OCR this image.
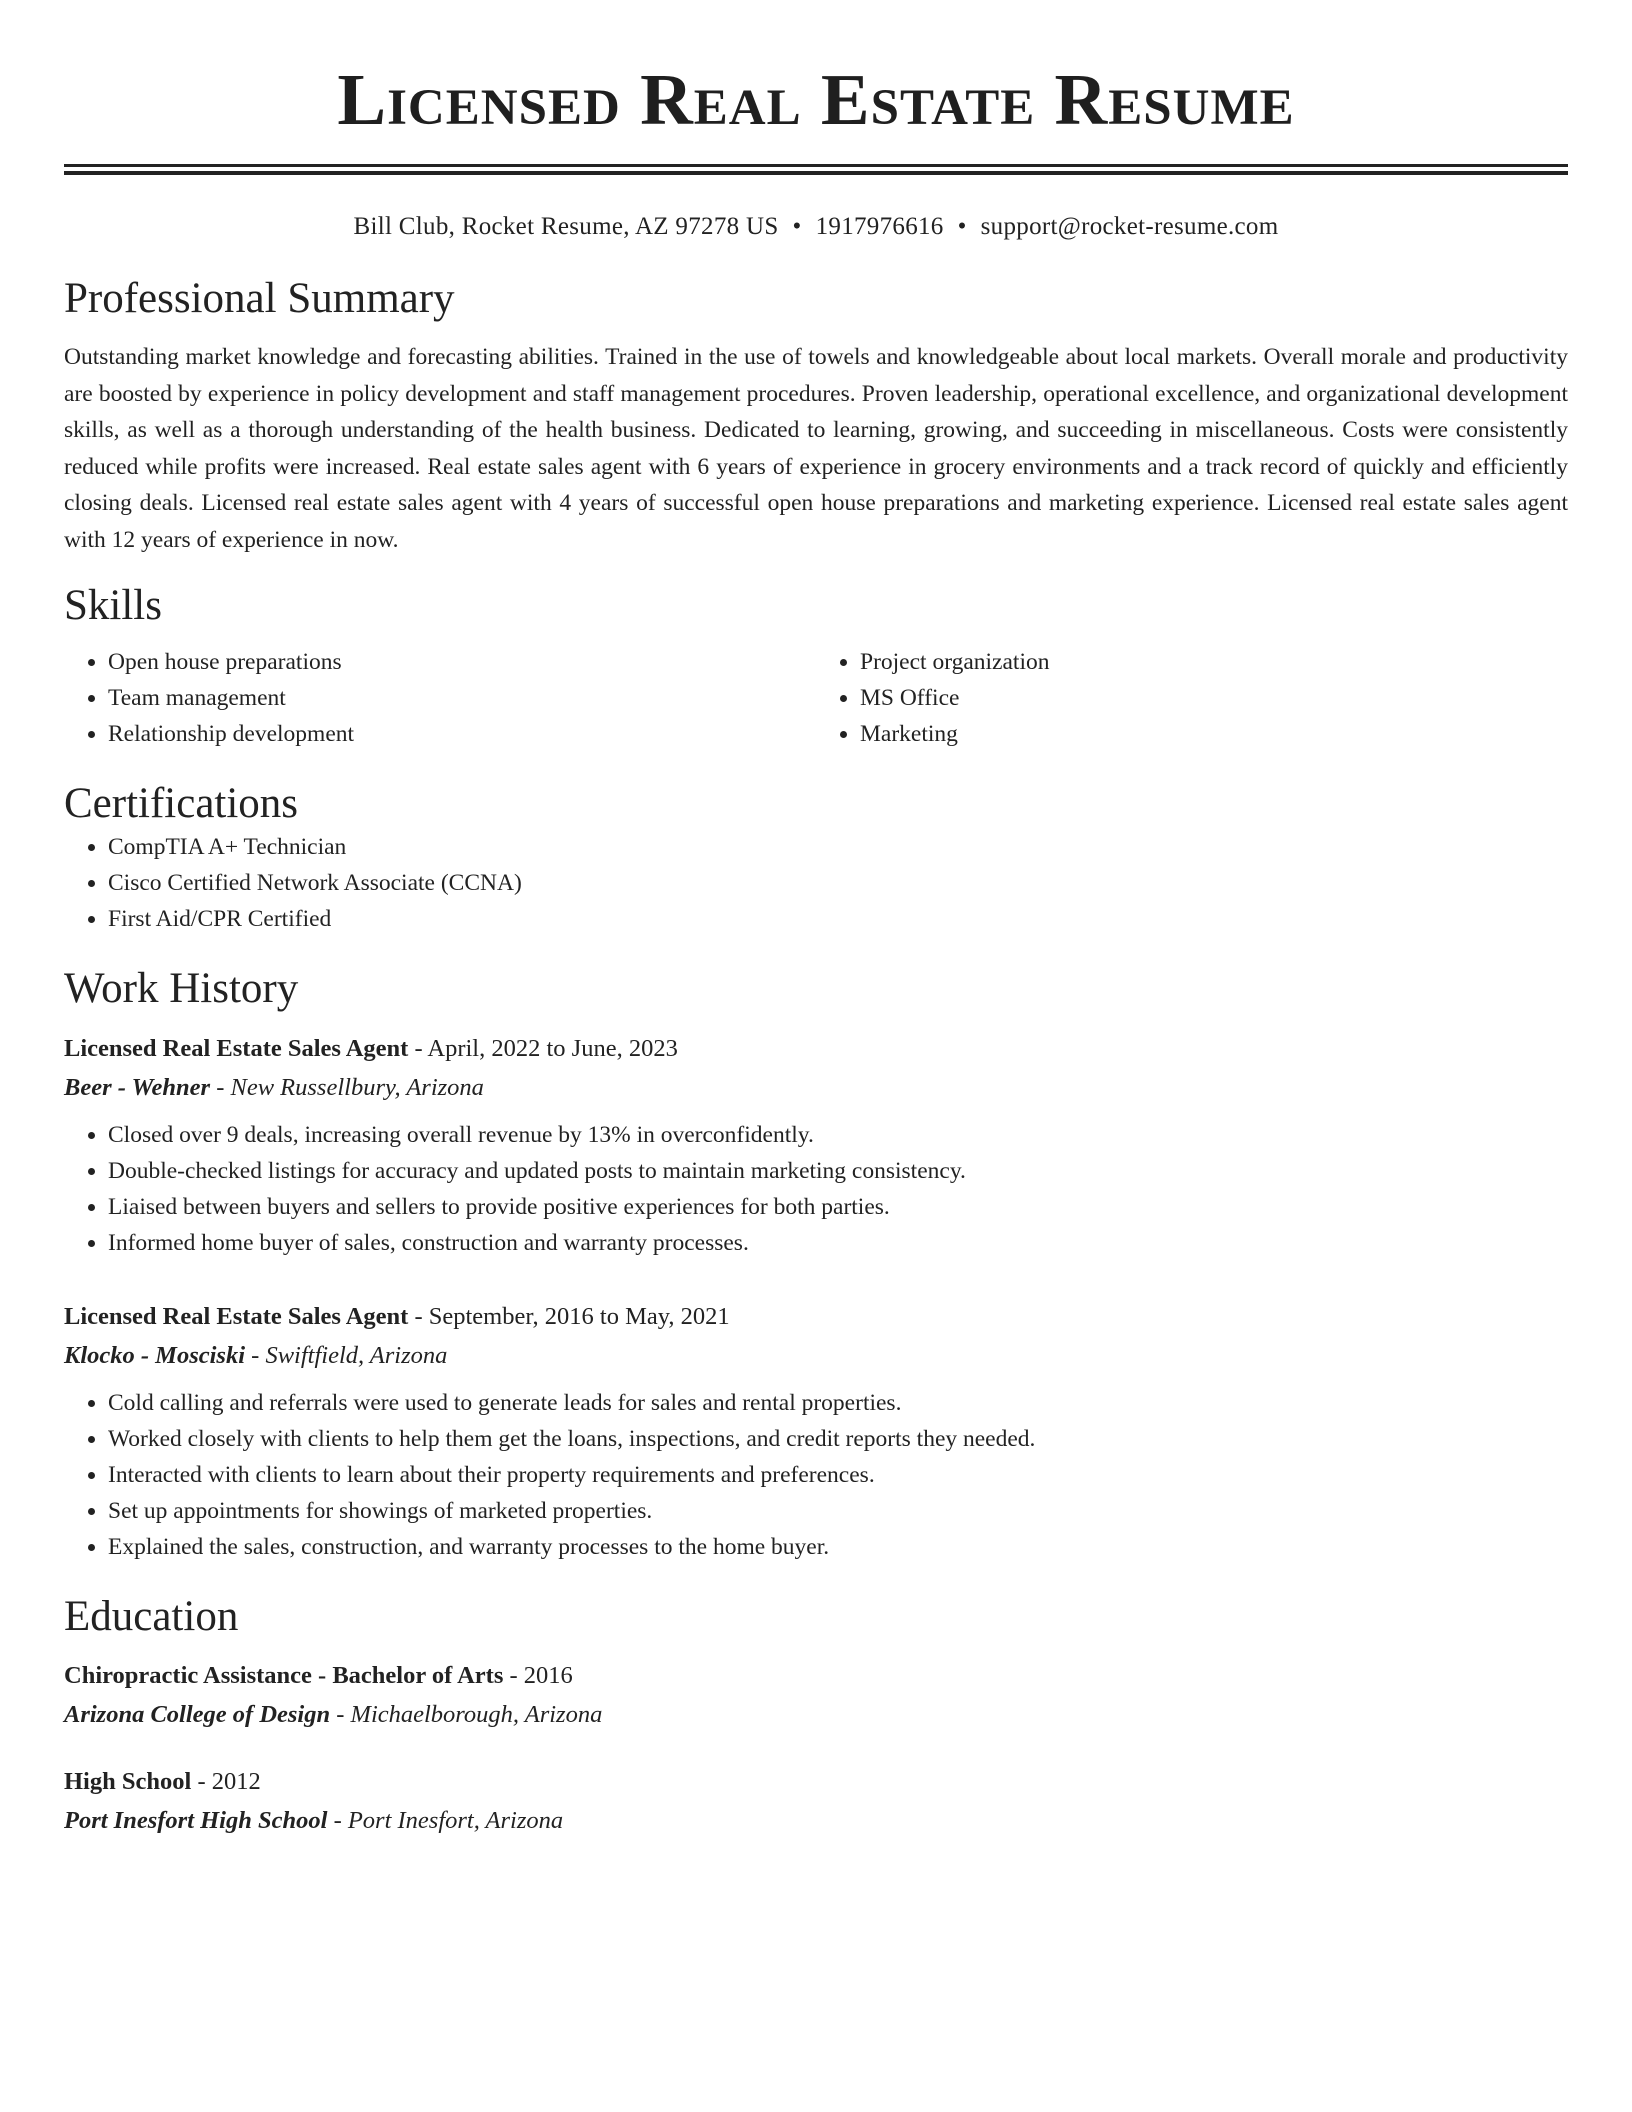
Licensed Real Estate Resume
Bill Club, Rocket Resume, AZ 97278 US • 1917976616 • support@rocket-resume.com
Professional Summary
Outstanding market knowledge and forecasting abilities. Trained in the use of towels and knowledgeable about local markets. Overall morale and productivity are boosted by experience in policy development and staff management procedures. Proven leadership, operational excellence, and organizational development skills, as well as a thorough understanding of the health business. Dedicated to learning, growing, and succeeding in miscellaneous. Costs were consistently reduced while profits were increased. Real estate sales agent with 6 years of experience in grocery environments and a track record of quickly and efficiently closing deals. Licensed real estate sales agent with 4 years of successful open house preparations and marketing experience. Licensed real estate sales agent with 12 years of experience in now.
Skills
• Open house preparations
• Team management
• Relationship development
• Project organization
• MS Office
• Marketing
Certifications
• CompTIA A+ Technician
• Cisco Certified Network Associate (CCNA)
• First Aid/CPR Certified
Work History
Licensed Real Estate Sales Agent - April, 2022 to June, 2023
Beer - Wehner - New Russellbury, Arizona
• Closed over 9 deals, increasing overall revenue by 13% in overconfidently.
• Double-checked listings for accuracy and updated posts to maintain marketing consistency.
• Liaised between buyers and sellers to provide positive experiences for both parties.
• Informed home buyer of sales, construction and warranty processes.
Licensed Real Estate Sales Agent - September, 2016 to May, 2021
Klocko - Mosciski - Swiftfield, Arizona
• Cold calling and referrals were used to generate leads for sales and rental properties.
• Worked closely with clients to help them get the loans, inspections, and credit reports they needed.
• Interacted with clients to learn about their property requirements and preferences.
• Set up appointments for showings of marketed properties.
• Explained the sales, construction, and warranty processes to the home buyer.
Education
Chiropractic Assistance - Bachelor of Arts - 2016
Arizona College of Design - Michaelborough, Arizona
High School - 2012
Port Inesfort High School - Port Inesfort, Arizona
